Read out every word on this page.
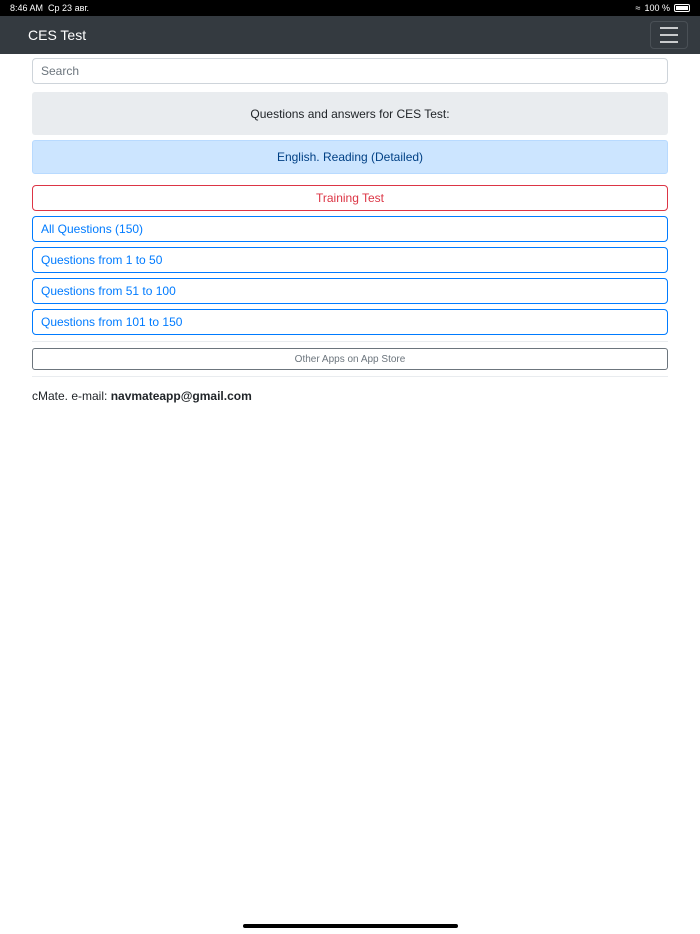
8:46 AM Ср 23 авг.	≈ 100 %
CES Test
Search
Questions and answers for CES Test:
English. Reading (Detailed)
Training Test
All Questions (150)
Questions from 1 to 50
Questions from 51 to 100
Questions from 101 to 150
Other Apps on App Store
cMate. e-mail: navmateapp@gmail.com
